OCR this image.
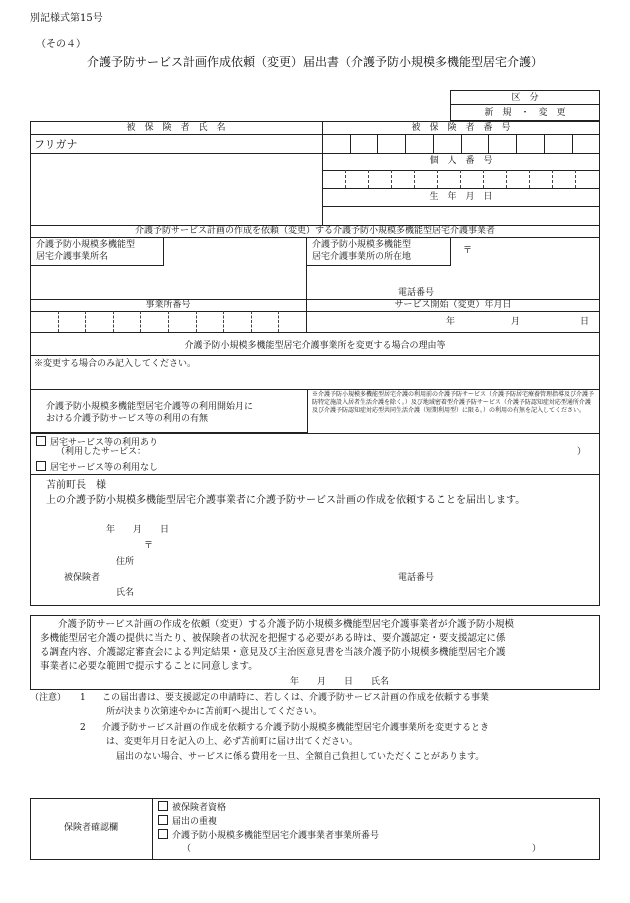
別記様式第15号
（その４）
介護予防サービス計画作成依頼（変更）届出書（介護予防小規模多機能型居宅介護）
区　分
新　規　・　変　更
被　保　険　者　氏　名	被　保　険　者　番　号
フリガナ
個　人　番　号
生　年　月　日
介護予防サービス計画の作成を依頼（変更）する介護予防小規模多機能型居宅介護事業者
介護予防小規模多機能型
居宅介護事業所名
介護予防小規模多機能型
居宅介護事業所の所在地
〒
電話番号
事業所番号	サービス開始（変更）年月日
年	月	日
介護予防小規模多機能型居宅介護事業所を変更する場合の理由等
※変更する場合のみ記入してください。
介護予防小規模多機能型居宅介護等の利用開始月に
おける介護予防サービス等の利用の有無
※介護予防小規模多機能型居宅介護の利用前の介護予防サービス（介護予防居宅療養管理指導及び介護予防特定施設入居者生活介護を除く。）及び地域密着型介護予防サービス（介護予防認知症対応型通所介護及び介護予防認知症対応型共同生活介護（短期利用型）に限る。）の利用の有無を記入してください。
居宅サービス等の利用あり
（利用したサービス：	）
居宅サービス等の利用なし
苫前町長　様
上の介護予防小規模多機能型居宅介護事業者に介護予防サービス計画の作成を依頼することを届出します。
年　　月　　日
〒
住所
被保険者
氏名
電話番号
介護予防サービス計画の作成を依頼（変更）する介護予防小規模多機能型居宅介護事業者が介護予防小規模
多機能型居宅介護の提供に当たり、被保険者の状況を把握する必要がある時は、要介護認定・要支援認定に係
る調査内容、介護認定審査会による判定結果・意見及び主治医意見書を当該介護予防小規模多機能型居宅介護
事業者に必要な範囲で提示することに同意します。
年　　月　　日　　氏名
（注意） 1 この届出書は、要支援認定の申請時に、若しくは、介護予防サービス計画の作成を依頼する事業
所が決まり次第速やかに苫前町へ提出してください。
2 介護予防サービス計画の作成を依頼する介護予防小規模多機能型居宅介護事業所を変更するとき
は、変更年月日を記入の上、必ず苫前町に届け出てください。
届出のない場合、サービスに係る費用を一旦、全額自己負担していただくことがあります。
保険者確認欄
被保険者資格
届出の重複
介護予防小規模多機能型居宅介護事業者事業所番号
（	）
